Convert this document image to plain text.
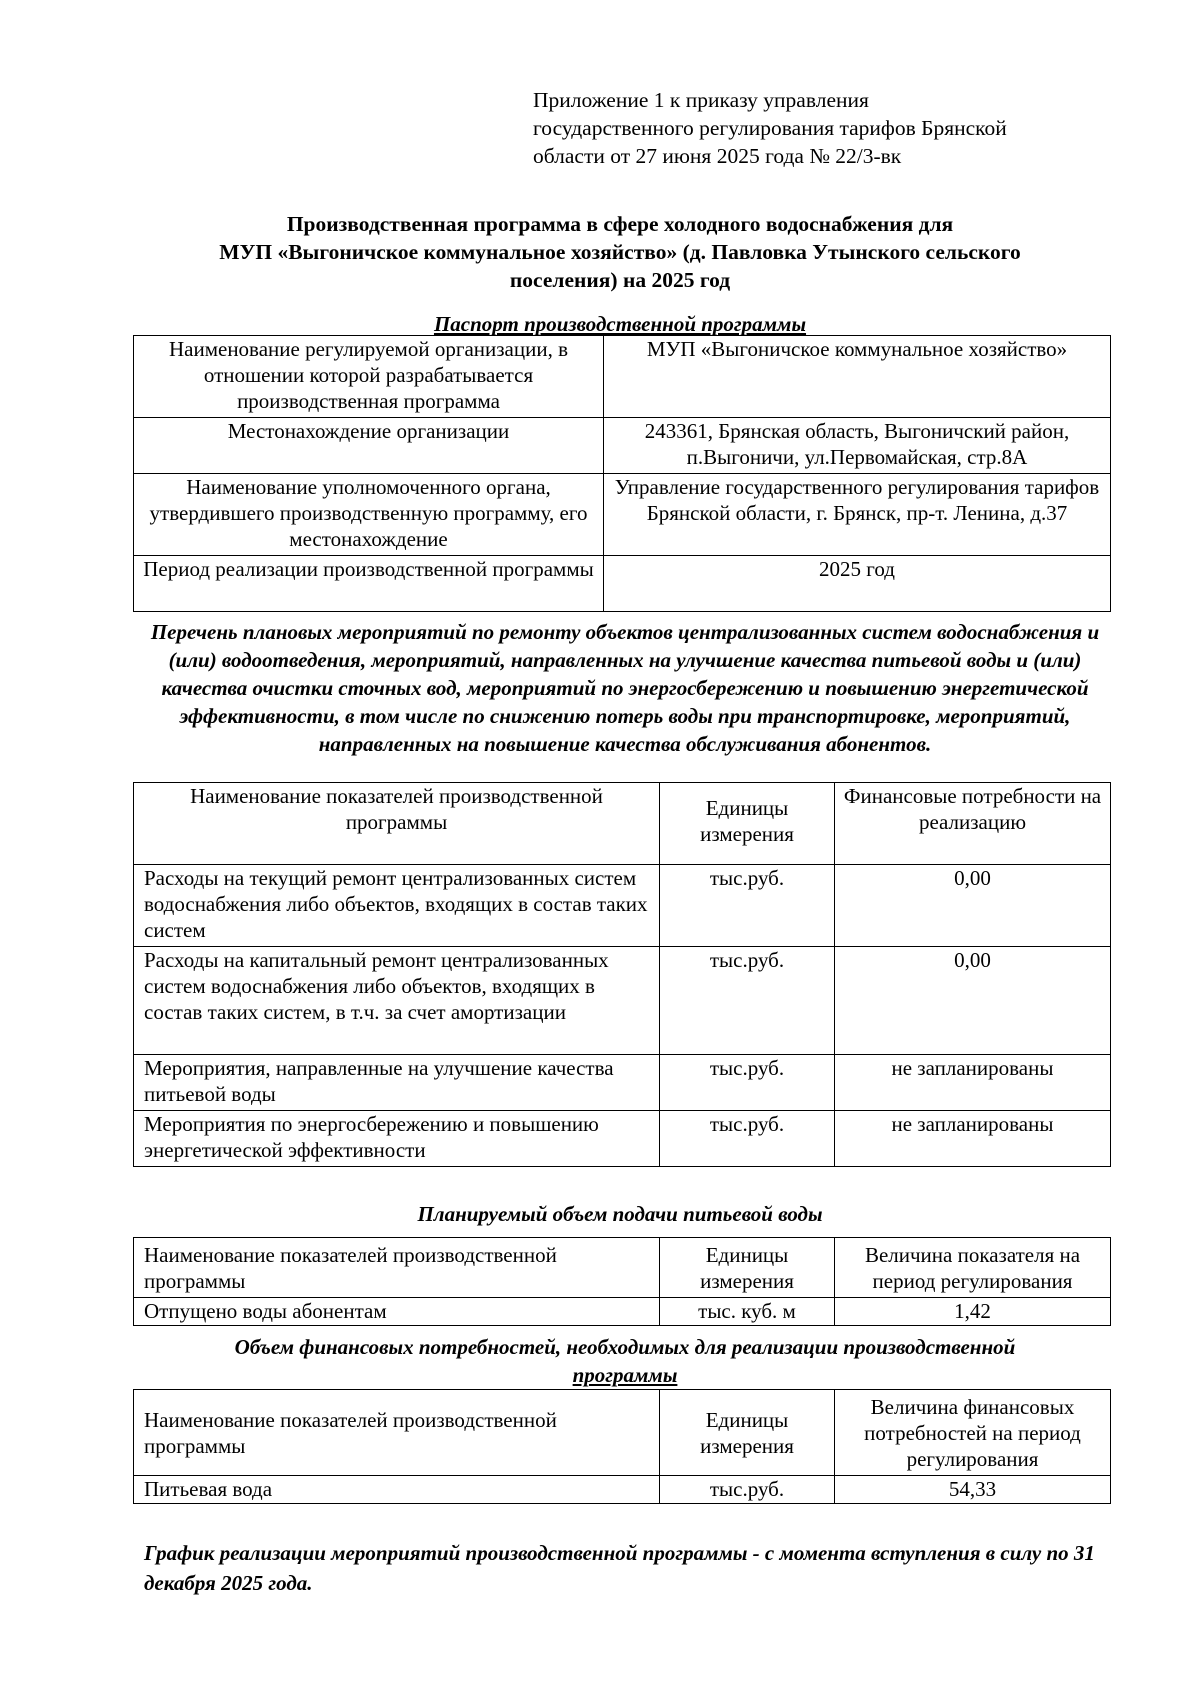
Приложение 1 к приказу управления
государственного регулирования тарифов Брянской
области от 27 июня 2025 года № 22/3-вк
Производственная программа в сфере холодного водоснабжения для
МУП «Выгоничское коммунальное хозяйство» (д. Павловка Утынского сельского
поселения) на 2025 год
Паспорт производственной программы
Наименование регулируемой организации, в отношении которой разрабатывается производственная программа	МУП «Выгоничское коммунальное хозяйство»
Местонахождение организации	243361, Брянская область, Выгоничский район, п.Выгоничи, ул.Первомайская, стр.8А
Наименование уполномоченного органа, утвердившего производственную программу, его местонахождение	Управление государственного регулирования тарифов Брянской области, г. Брянск, пр-т. Ленина, д.37
Период реализации производственной программы	2025 год
Перечень плановых мероприятий по ремонту объектов централизованных систем водоснабжения и (или) водоотведения, мероприятий, направленных на улучшение качества питьевой воды и (или) качества очистки сточных вод, мероприятий по энергосбережению и повышению энергетической эффективности, в том числе по снижению потерь воды при транспортировке, мероприятий, направленных на повышение качества обслуживания абонентов.
Наименование показателей производственной программы	Единицы измерения	Финансовые потребности на реализацию
Расходы на текущий ремонт централизованных систем водоснабжения либо объектов, входящих в состав таких систем	тыс.руб.	0,00
Расходы на капитальный ремонт централизованных систем водоснабжения либо объектов, входящих в состав таких систем, в т.ч. за счет амортизации	тыс.руб.	0,00
Мероприятия, направленные на улучшение качества питьевой воды	тыс.руб.	не запланированы
Мероприятия по энергосбережению и повышению энергетической эффективности	тыс.руб.	не запланированы
Планируемый объем подачи питьевой воды
Наименование показателей производственной программы	Единицы измерения	Величина показателя на период регулирования
Отпущено воды абонентам	тыс. куб. м	1,42
Объем финансовых потребностей, необходимых для реализации производственной
программы
Наименование показателей производственной программы	Единицы измерения	Величина финансовых потребностей на период регулирования
Питьевая вода	тыс.руб.	54,33
График реализации мероприятий производственной программы - с момента вступления в силу по 31 декабря 2025 года.
